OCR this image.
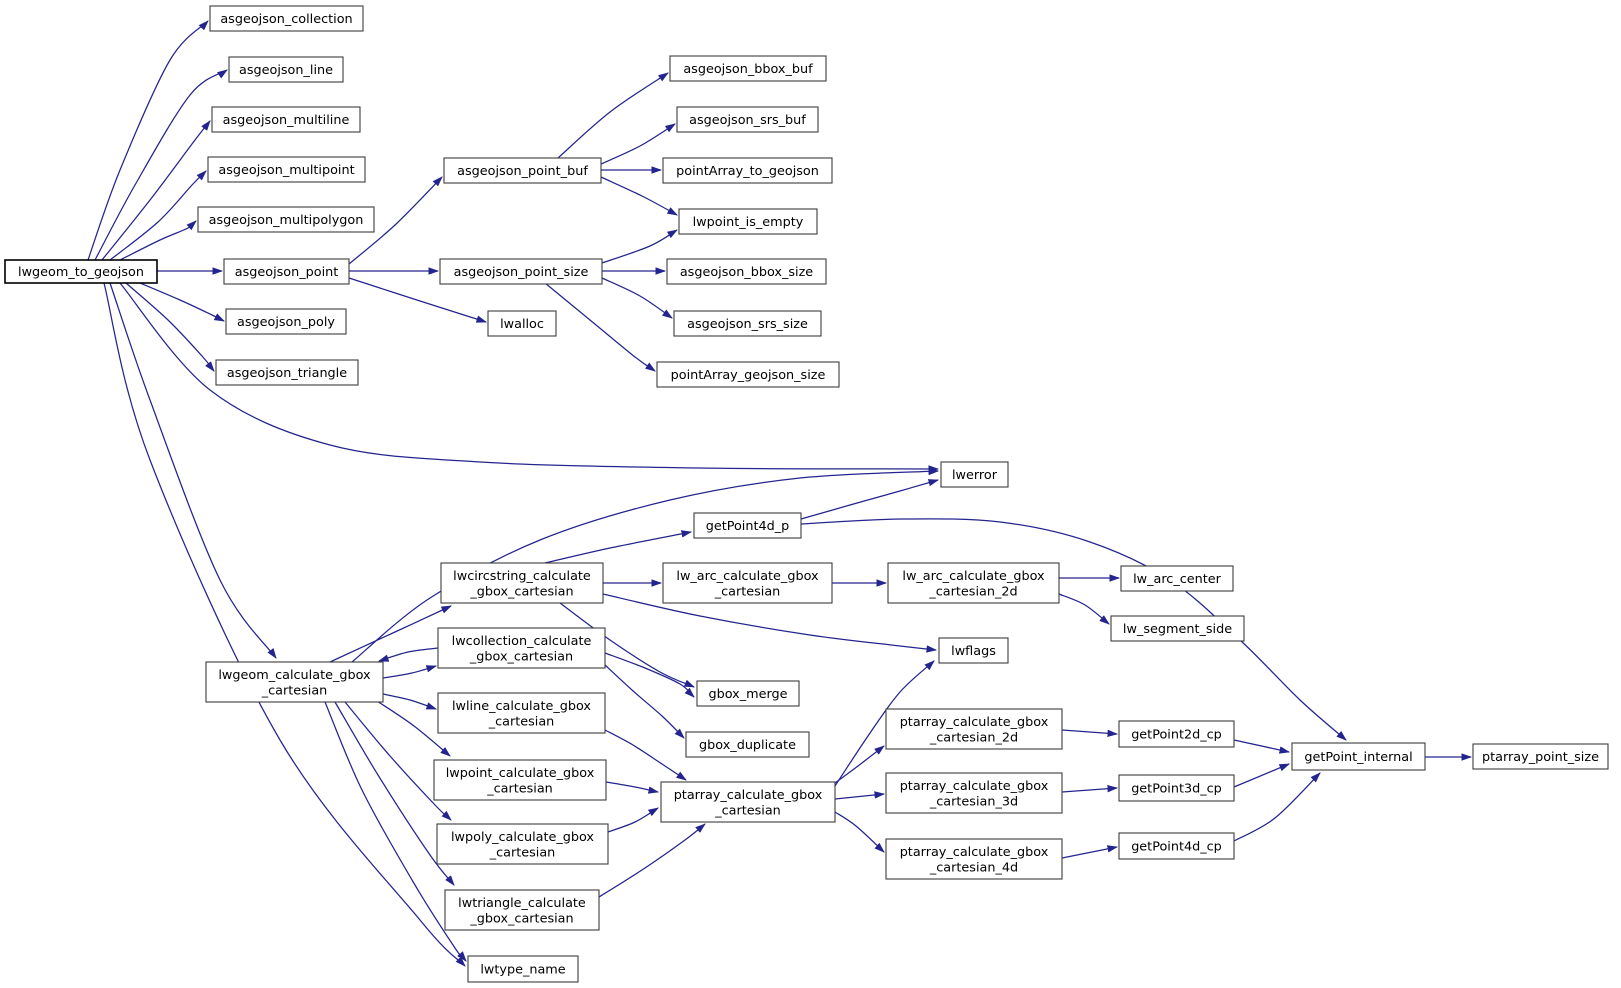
lwgeom_to_geojson
asgeojson_collection
asgeojson_line
asgeojson_multiline
asgeojson_multipoint
asgeojson_multipolygon
asgeojson_point
asgeojson_poly
asgeojson_triangle
asgeojson_point_buf
asgeojson_point_size
lwalloc
asgeojson_bbox_buf
asgeojson_srs_buf
pointArray_to_geojson
lwpoint_is_empty
asgeojson_bbox_size
asgeojson_srs_size
pointArray_geojson_size
lwerror
getPoint4d_p
lwcircstring_calculate _gbox_cartesian
lw_arc_calculate_gbox _cartesian
lw_arc_calculate_gbox _cartesian_2d
lw_arc_center
lw_segment_side
lwflags
gbox_merge
gbox_duplicate
lwcollection_calculate _gbox_cartesian
lwgeom_calculate_gbox _cartesian
lwline_calculate_gbox _cartesian
lwpoint_calculate_gbox _cartesian
lwpoly_calculate_gbox _cartesian
lwtriangle_calculate _gbox_cartesian
lwtype_name
ptarray_calculate_gbox _cartesian
ptarray_calculate_gbox _cartesian_2d
ptarray_calculate_gbox _cartesian_3d
ptarray_calculate_gbox _cartesian_4d
getPoint2d_cp
getPoint3d_cp
getPoint4d_cp
getPoint_internal	ptarray_point_size
